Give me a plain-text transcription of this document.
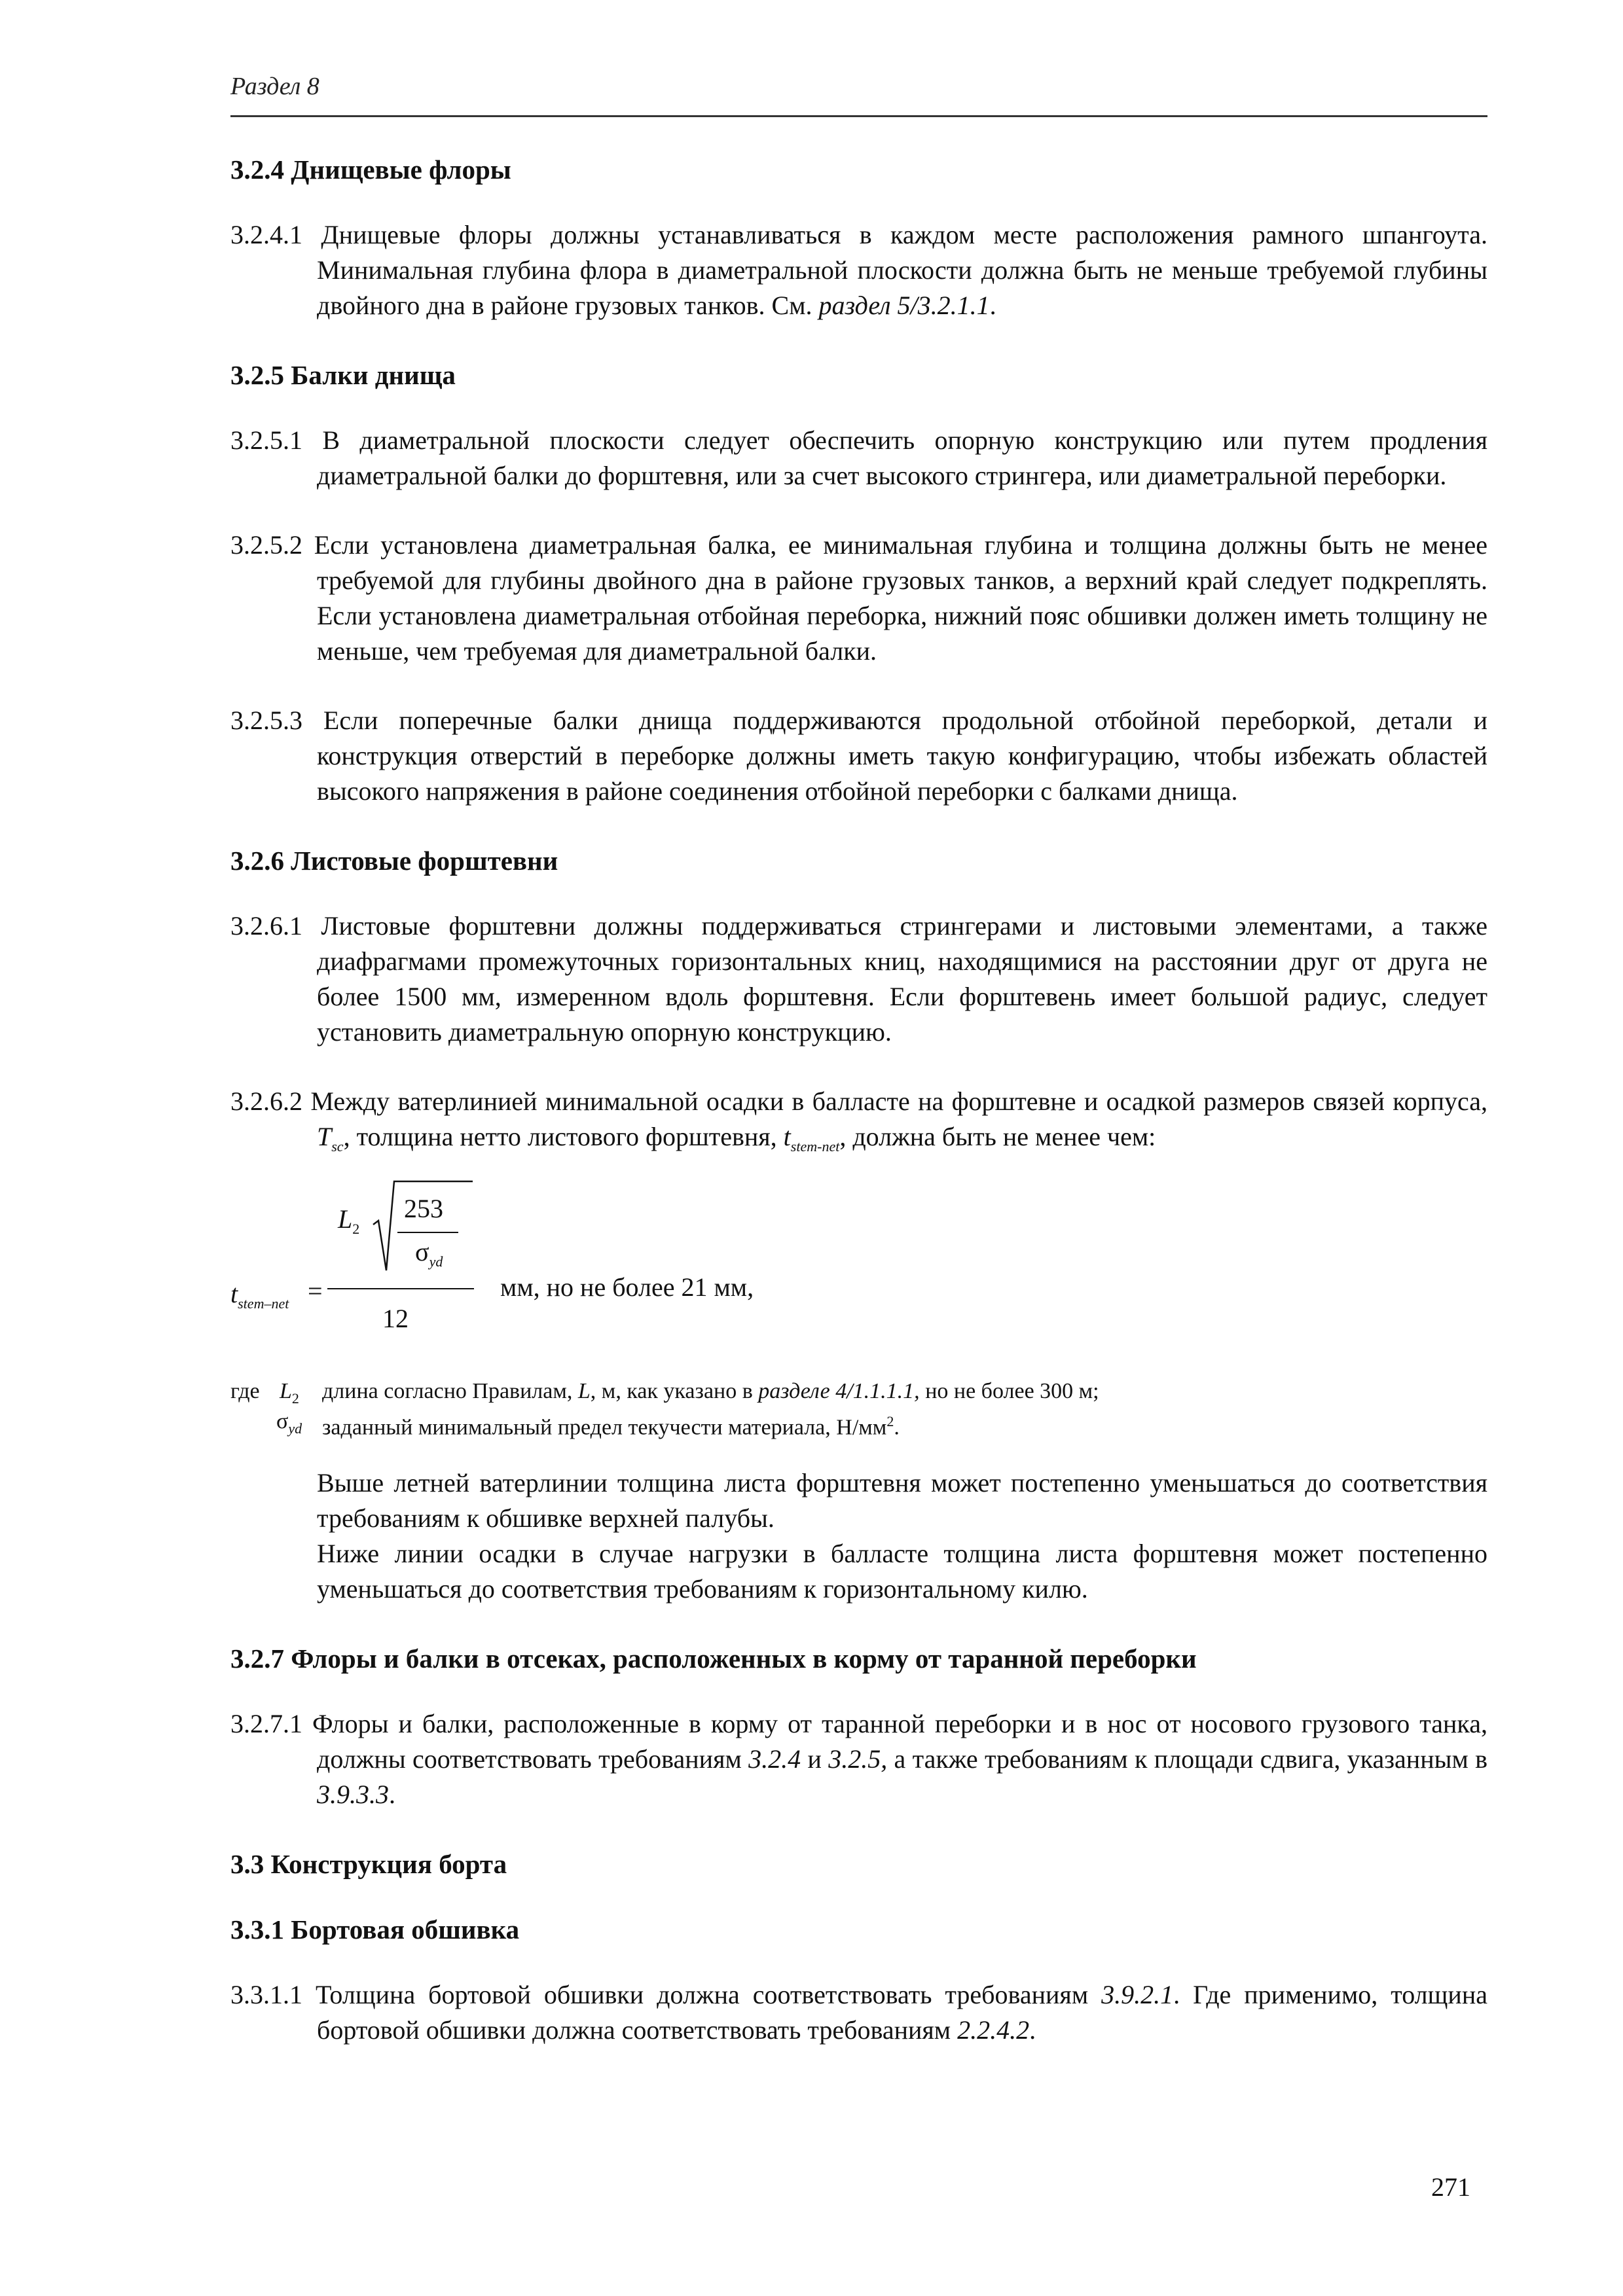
Раздел 8
3.2.4 Днищевые флоры
3.2.4.1 Днищевые флоры должны устанавливаться в каждом месте расположения рамного шпангоута. Минимальная глубина флора в диаметральной плоскости должна быть не меньше требуемой глубины двойного дна в районе грузовых танков. См. раздел 5/3.2.1.1.
3.2.5 Балки днища
3.2.5.1 В диаметральной плоскости следует обеспечить опорную конструкцию или путем продления диаметральной балки до форштевня, или за счет высокого стрингера, или диаметральной переборки.
3.2.5.2 Если установлена диаметральная балка, ее минимальная глубина и толщина должны быть не менее требуемой для глубины двойного дна в районе грузовых танков, а верхний край следует подкреплять. Если установлена диаметральная отбойная переборка, нижний пояс обшивки должен иметь толщину не меньше, чем требуемая для диаметральной балки.
3.2.5.3 Если поперечные балки днища поддерживаются продольной отбойной переборкой, детали и конструкция отверстий в переборке должны иметь такую конфигурацию, чтобы избежать областей высокого напряжения в районе соединения отбойной переборки с балками днища.
3.2.6 Листовые форштевни
3.2.6.1 Листовые форштевни должны поддерживаться стрингерами и листовыми элементами, а также диафрагмами промежуточных горизонтальных книц, находящимися на расстоянии друг от друга не более 1500 мм, измеренном вдоль форштевня. Если форштевень имеет большой радиус, следует установить диаметральную опорную конструкцию.
3.2.6.2 Между ватерлинией минимальной осадки в балласте на форштевне и осадкой размеров связей корпуса, $T_{sc}$, толщина нетто листового форштевня, $t_{stem-net}$, должна быть не менее чем:
$t_{stem-net}$ =
$L_2$
253
$\sigma_{yd}$
12
мм, но не более 21 мм,
где $L_2$ длина согласно Правилам, L, м, как указано в разделе 4/1.1.1.1, но не более 300 м;
$\sigma_{yd}$ заданный минимальный предел текучести материала, $Н/мм^2$.

Выше летней ватерлинии толщина листа форштевня может постепенно уменьшаться до соответствия требованиям к обшивке верхней палубы.

Ниже линии осадки в случае нагрузки в балласте толщина листа форштевня может постепенно уменьшаться до соответствия требованиям к горизонтальному килю.

3.2.7 Флоры и балки в отсеках, расположенных в корму от таранной переборки
3.2.7.1 Флоры и балки, расположенные в корму от таранной переборки и в нос от носового грузового танка, должны соответствовать требованиям 3.2.4 и 3.2.5, а также требованиям к площади сдвига, указанным в 3.9.3.3.
3.3 Конструкция борта
3.3.1 Бортовая обшивка
3.3.1.1 Толщина бортовой обшивки должна соответствовать требованиям 3.9.2.1. Где применимо, толщина бортовой обшивки должна соответствовать требованиям 2.2.4.2.
271
